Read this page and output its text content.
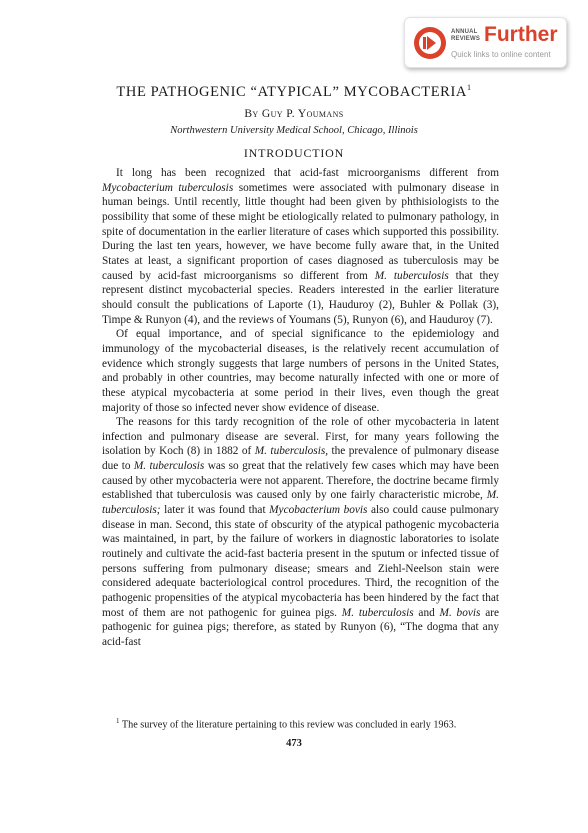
ANNUAL
REVIEWS Further
Quick links to online content
THE PATHOGENIC “ATYPICAL” MYCOBACTERIA$^1$
By Guy P. Youmans
Northwestern University Medical School, Chicago, Illinois
INTRODUCTION

It long has been recognized that acid-fast microorganisms different from Mycobacterium tuberculosis sometimes were associated with pulmonary disease in human beings. Until recently, little thought had been given by phthisiologists to the possibility that some of these might be etiologically related to pulmonary pathology, in spite of documentation in the earlier literature of cases which supported this possibility. During the last ten years, however, we have become fully aware that, in the United States at least, a significant proportion of cases diagnosed as tuberculosis may be caused by acid-fast microorganisms so different from M. tuberculosis that they represent distinct mycobacterial species. Readers interested in the earlier literature should consult the publications of Laporte (1), Hauduroy (2), Buhler & Pollak (3), Timpe & Runyon (4), and the reviews of Youmans (5), Runyon (6), and Hauduroy (7).

Of equal importance, and of special significance to the epidemiology and immunology of the mycobacterial diseases, is the relatively recent accumulation of evidence which strongly suggests that large numbers of persons in the United States, and probably in other countries, may become naturally infected with one or more of these atypical mycobacteria at some period in their lives, even though the great majority of those so infected never show evidence of disease.

The reasons for this tardy recognition of the role of other mycobacteria in latent infection and pulmonary disease are several. First, for many years following the isolation by Koch (8) in 1882 of M. tuberculosis, the prevalence of pulmonary disease due to M. tuberculosis was so great that the relatively few cases which may have been caused by other mycobacteria were not apparent. Therefore, the doctrine became firmly established that tuberculosis was caused only by one fairly characteristic microbe, M. tuberculosis; later it was found that Mycobacterium bovis also could cause pulmonary disease in man. Second, this state of obscurity of the atypical pathogenic mycobacteria was maintained, in part, by the failure of workers in diagnostic laboratories to isolate routinely and cultivate the acid-fast bacteria present in the sputum or infected tissue of persons suffering from pulmonary disease; smears and Ziehl-Neelson stain were considered adequate bacteriological control procedures. Third, the recognition of the pathogenic propensities of the atypical mycobacteria has been hindered by the fact that most of them are not pathogenic for guinea pigs. M. tuberculosis and M. bovis are pathogenic for guinea pigs; therefore, as stated by Runyon (6), “The dogma that any acid-fast

$^1$ The survey of the literature pertaining to this review was concluded in early 1963.
473
